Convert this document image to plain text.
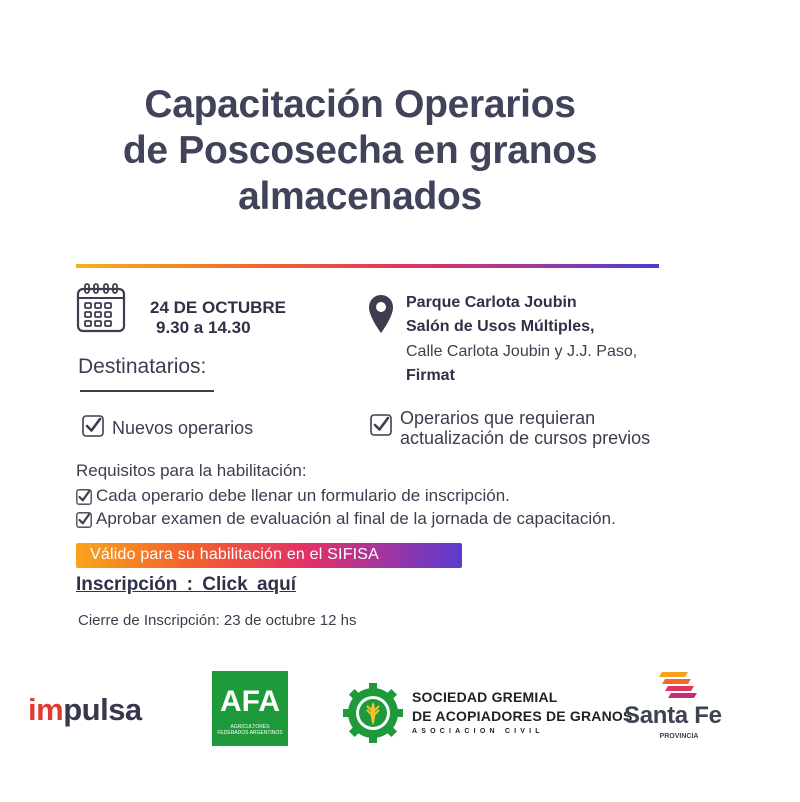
Capacitación Operarios
de Poscosecha en granos
almacenados
24 DE OCTUBRE
9.30 a 14.30
Parque Carlota Joubin
Salón de Usos Múltiples,
Calle Carlota Joubin y J.J. Paso,
Firmat
Destinatarios:
Nuevos operarios	Operarios que requieran
actualización de cursos previos
Requisitos para la habilitación:
Cada operario debe llenar un formulario de inscripción.
Aprobar examen de evaluación al final de la jornada de capacitación.
Válido para su habilitación en el SIFISA
Inscripción : Click aquí
Cierre de Inscripción: 23 de octubre 12 hs
impulsa	AFA
AGRICULTORES FEDERADOS ARGENTINOS
SOCIEDAD GREMIAL
DE ACOPIADORES DE GRANOS
ASOCIACION CIVIL
Santa Fe
PROVINCIA
